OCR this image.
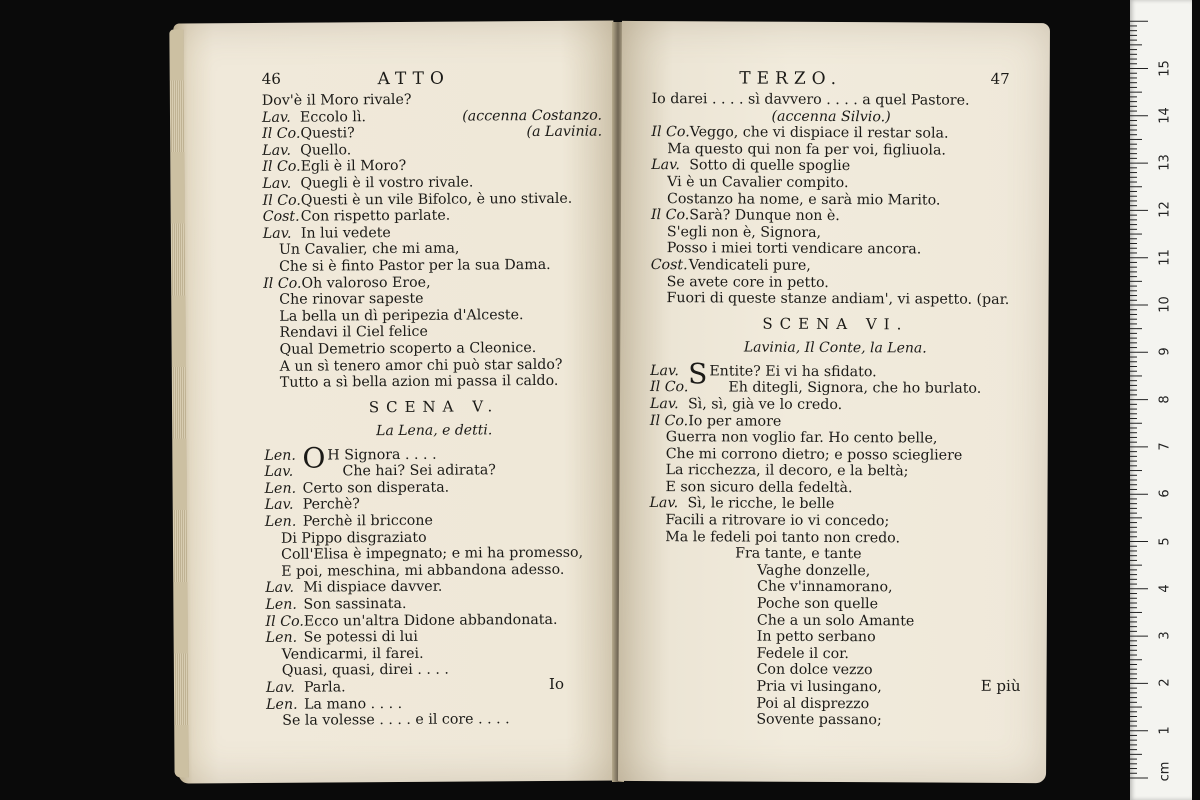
46	ATTO
Dov'è il Moro rivale?
Lav. Eccolo lì.	(accenna Costanzo.
Il Co.Questi?	(a Lavinia.
Lav. Quello.
Il Co.Egli è il Moro?
Lav. Quegli è il vostro rivale.
Il Co.Questi è un vile Bifolco, è uno stivale.
Cost.Con rispetto parlate.
Lav. In lui vedete
Un Cavalier, che mi ama,
Che si è finto Pastor per la sua Dama.
Il Co.Oh valoroso Eroe,
Che rinovar sapeste
La bella un dì peripezia d'Alceste.
Rendavi il Ciel felice
Qual Demetrio scoperto a Cleonice.
A un sì tenero amor chi può star saldo?
Tutto a sì bella azion mi passa il caldo.
SCENA V.
La Lena, e detti.
Len. O H Signora . . . .
Lav.	Che hai? Sei adirata?
Len. Certo son disperata.
Lav. Perchè?
Len. Perchè il briccone
Di Pippo disgraziato
Coll'Elisa è impegnato; e mi ha promesso,
E poi, meschina, mi abbandona adesso.
Lav. Mi dispiace davver.
Len. Son sassinata.
Il Co.Ecco un'altra Didone abbandonata.
Len. Se potessi di lui
Vendicarmi, il farei.
Quasi, quasi, direi . . . .
Lav. Parla.
Len. La mano . . . .
Se la volesse . . . . e il core . . . .
Io
TERZO.	47
Io darei . . . . sì davvero . . . . a quel Pastore.
(accenna Silvio.)
Il Co.Veggo, che vi dispiace il restar sola.
Ma questo qui non fa per voi, figliuola.
Lav. Sotto di quelle spoglie
Vi è un Cavalier compito.
Costanzo ha nome, e sarà mio Marito.
Il Co.Sarà? Dunque non è.
S'egli non è, Signora,
Posso i miei torti vendicare ancora.
Cost.Vendicateli pure,
Se avete core in petto.
Fuori di queste stanze andiam', vi aspetto. (par.
SCENA VI.
Lavinia, Il Conte, la Lena.
Lav. S Entite? Ei vi ha sfidato.
Il Co.	Eh ditegli, Signora, che ho burlato.
Lav. Sì, sì, già ve lo credo.
Il Co.Io per amore
Guerra non voglio far. Ho cento belle,
Che mi corrono dietro; e posso sciegliere
La ricchezza, il decoro, e la beltà;
E son sicuro della fedeltà.
Lav. Sì, le ricche, le belle
Facili a ritrovare io vi concedo;
Ma le fedeli poi tanto non credo.
Fra tante, e tante
Vaghe donzelle,
Che v'innamorano,
Poche son quelle
Che a un solo Amante
In petto serbano
Fedele il cor.
Con dolce vezzo
Pria vi lusingano,
Poi al disprezzo
Sovente passano;
E più
1
2
3
4
5
6
7
8
9
10
11
12
13
14
15
cm
